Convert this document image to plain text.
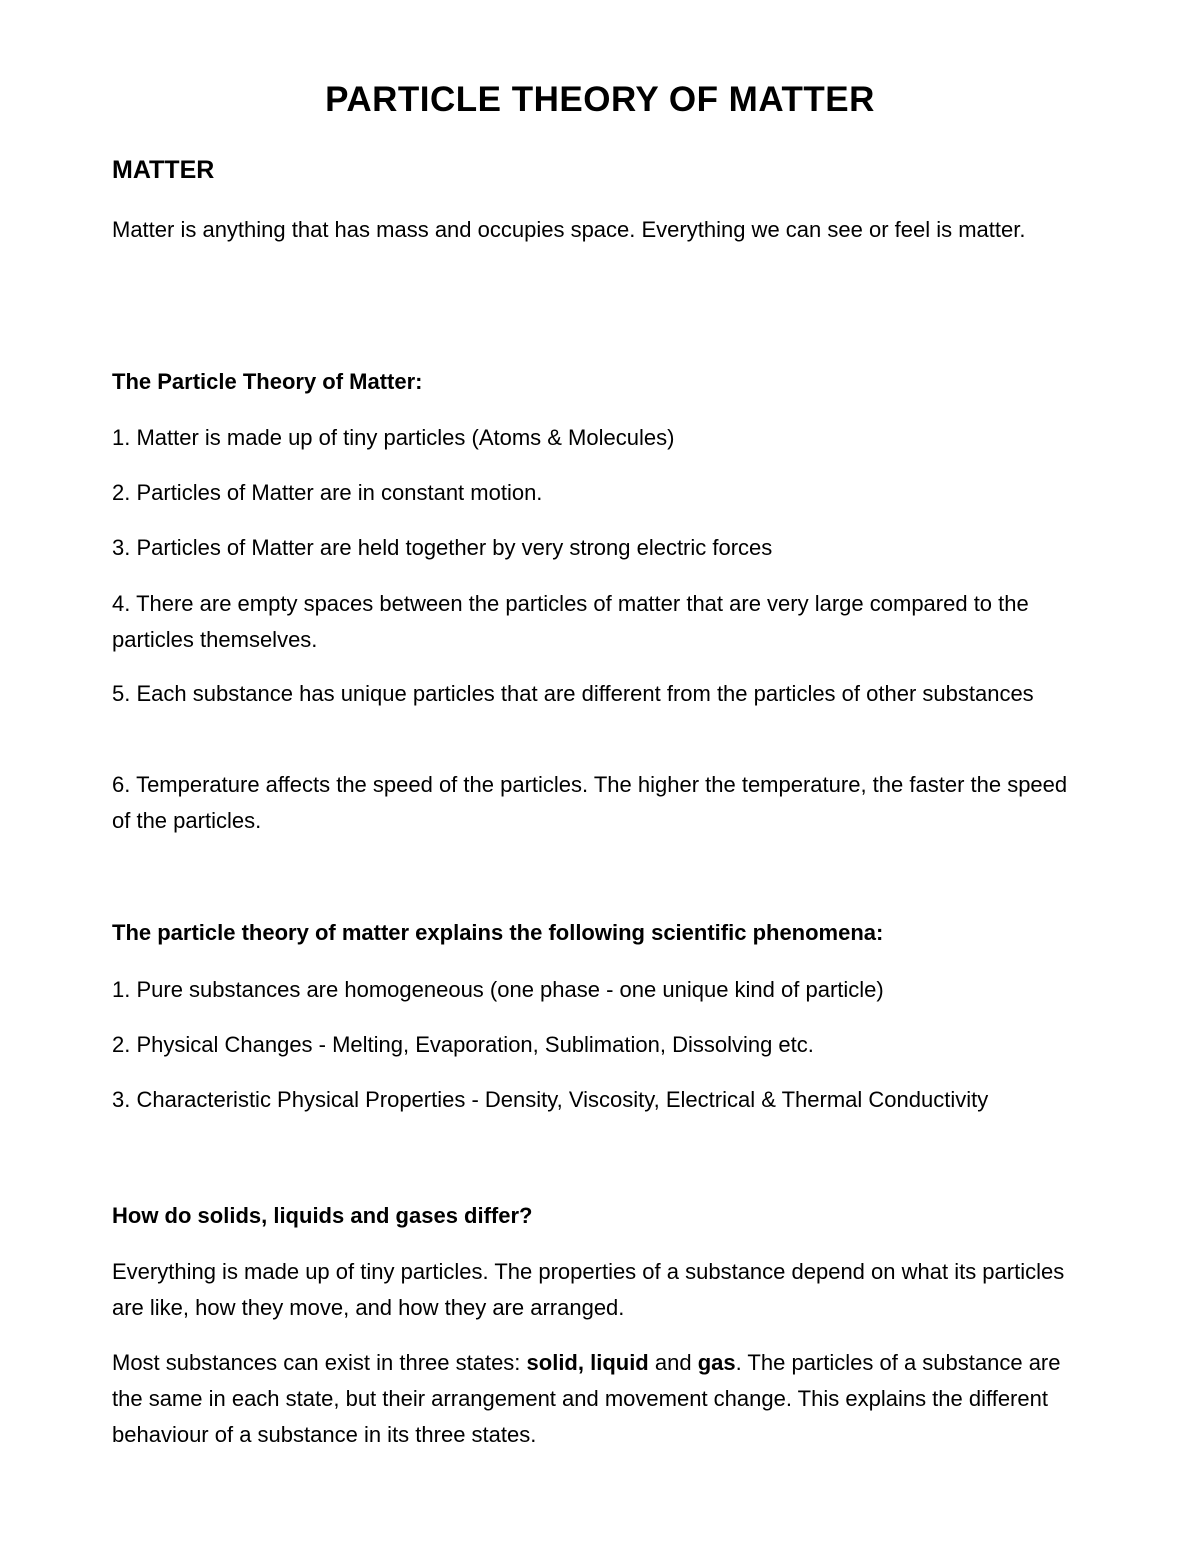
PARTICLE THEORY OF MATTER
MATTER

Matter is anything that has mass and occupies space. Everything we can see or feel is matter.

The Particle Theory of Matter:

1. Matter is made up of tiny particles (Atoms & Molecules)

2. Particles of Matter are in constant motion.

3. Particles of Matter are held together by very strong electric forces

4. There are empty spaces between the particles of matter that are very large compared to the particles themselves.

5. Each substance has unique particles that are different from the particles of other substances

6. Temperature affects the speed of the particles. The higher the temperature, the faster the speed of the particles.

The particle theory of matter explains the following scientific phenomena:

1. Pure substances are homogeneous (one phase - one unique kind of particle)

2. Physical Changes - Melting, Evaporation, Sublimation, Dissolving etc.

3. Characteristic Physical Properties - Density, Viscosity, Electrical & Thermal Conductivity

How do solids, liquids and gases differ?

Everything is made up of tiny particles. The properties of a substance depend on what its particles are like, how they move, and how they are arranged.

Most substances can exist in three states: solid, liquid and gas. The particles of a substance are the same in each state, but their arrangement and movement change. This explains the different behaviour of a substance in its three states.
